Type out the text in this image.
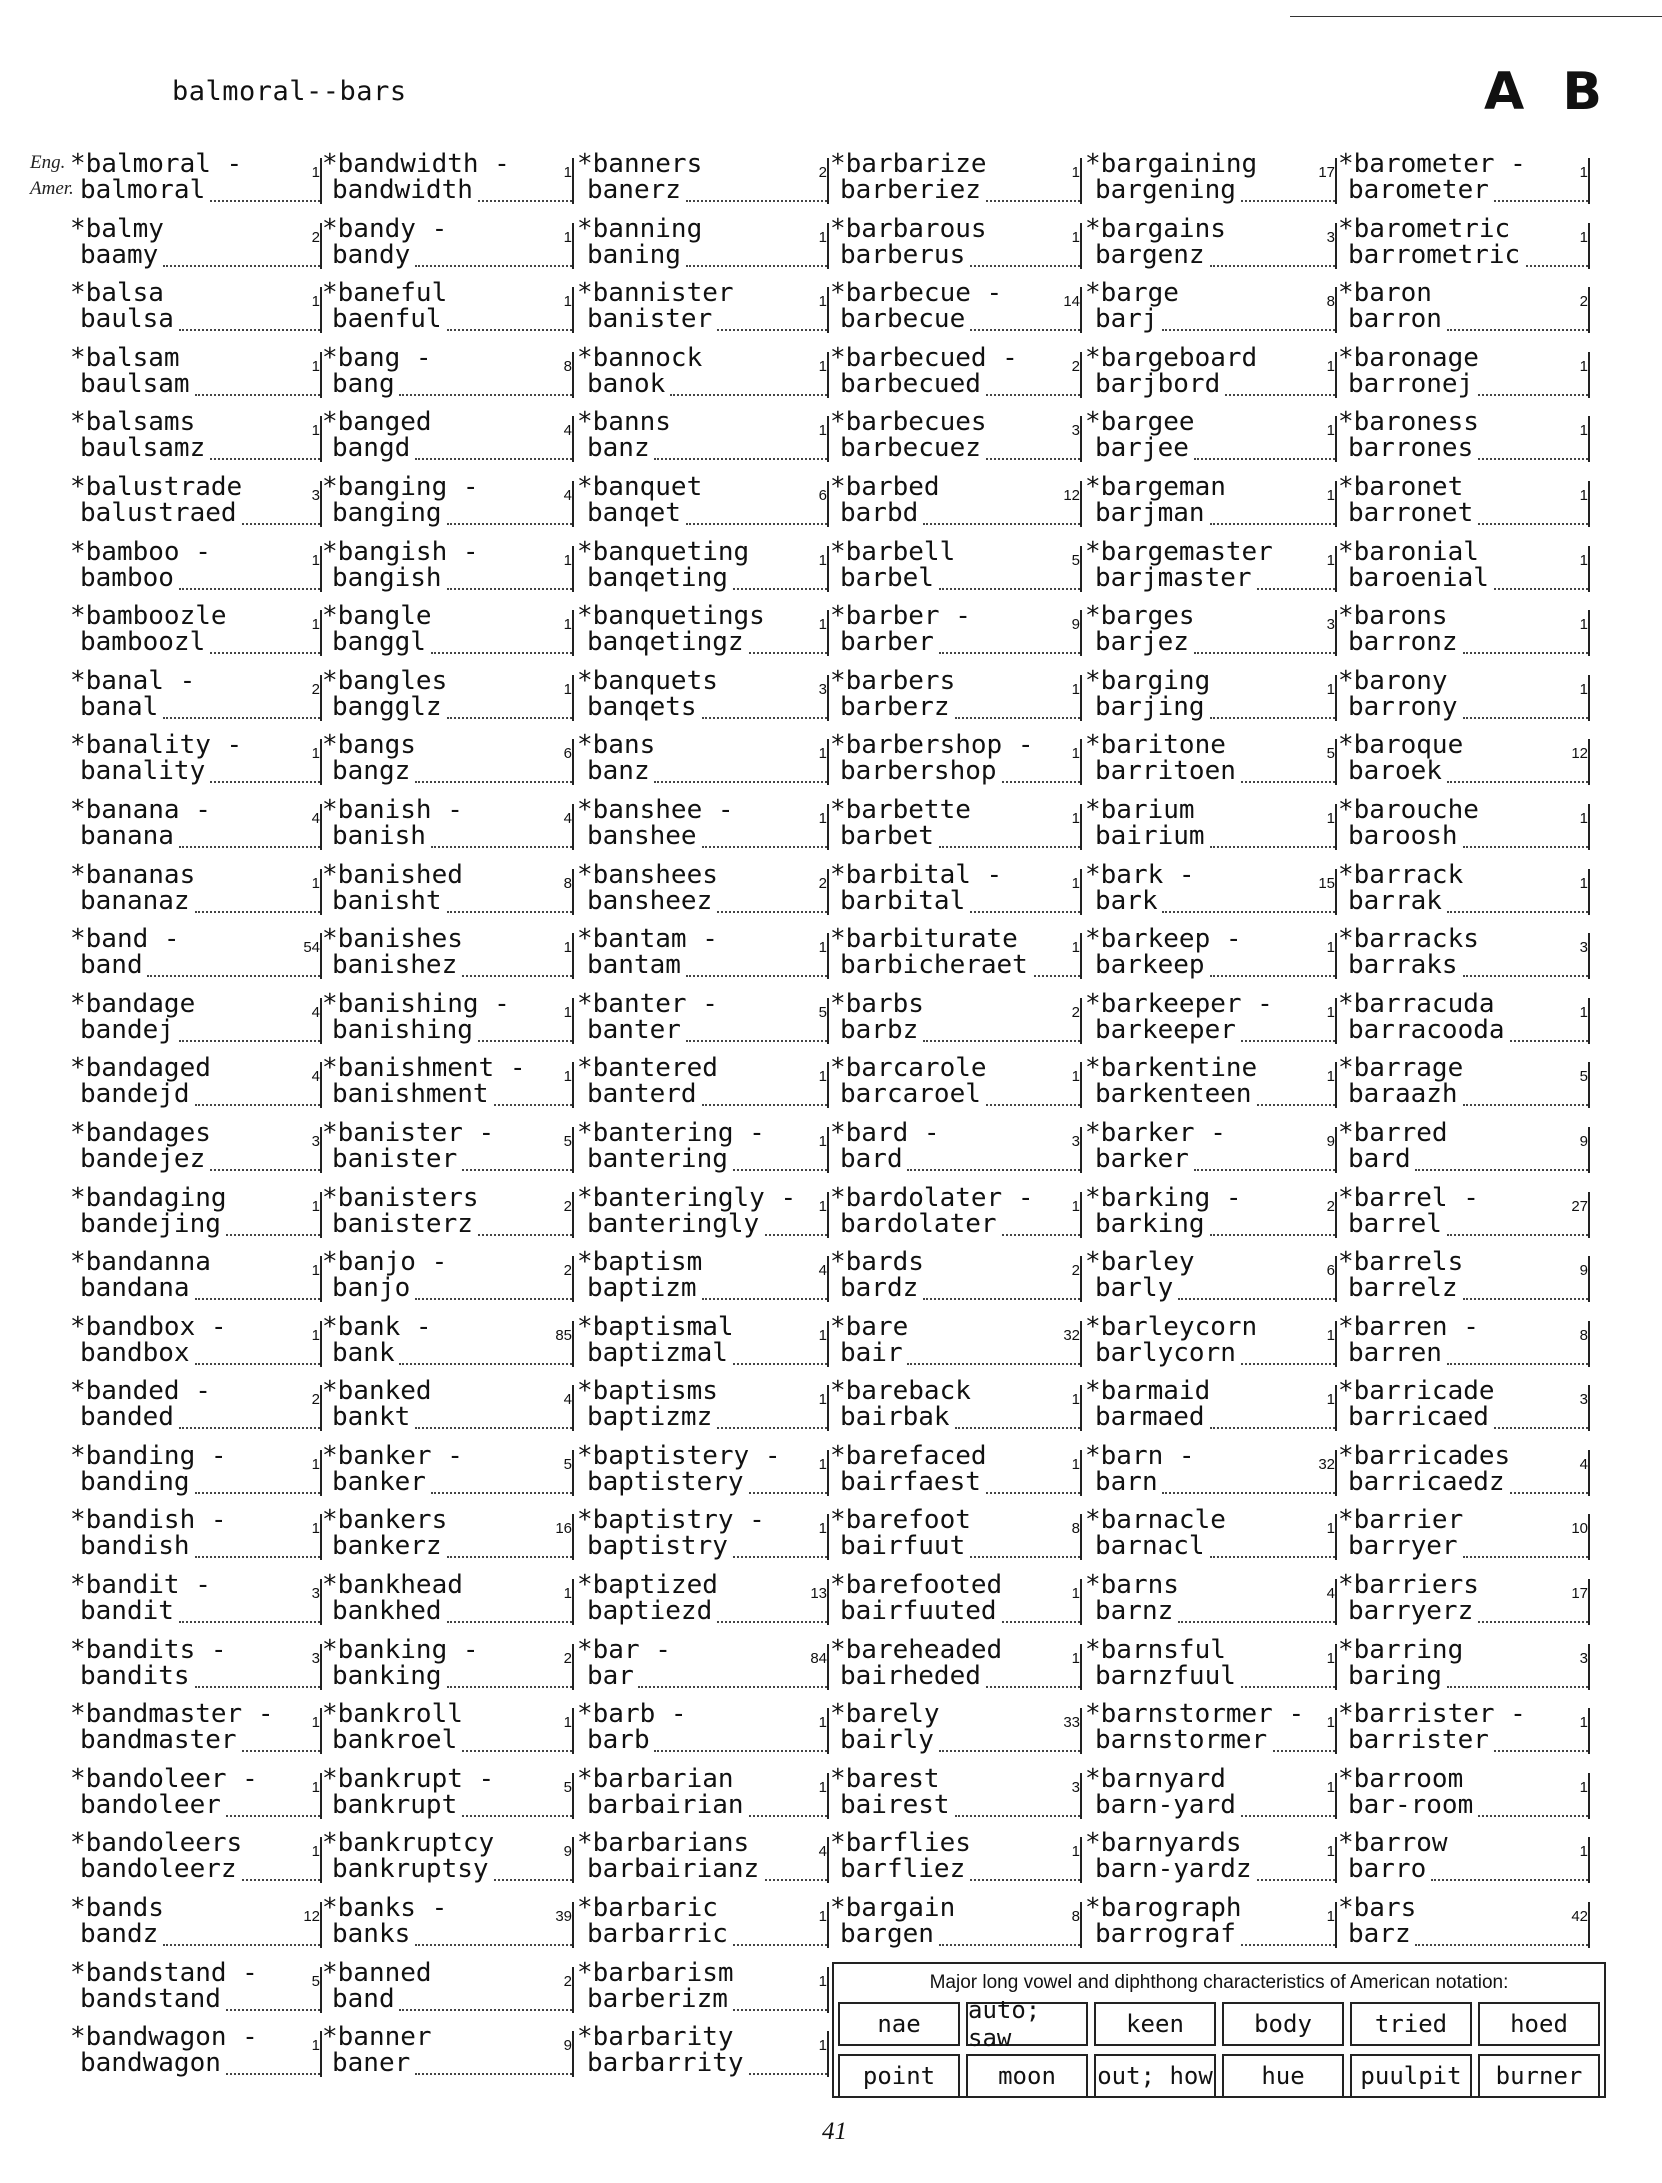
balmoral--bars	A B
Eng.
Amer.
*balmoral -
balmoral
1
*balmy
baamy
2
*balsa
baulsa
1
*balsam
baulsam
1
*balsams
baulsamz
1
*balustrade
balustraed
3
*bamboo -
bamboo
1
*bamboozle
bamboozl
1
*banal -
banal
2
*banality -
banality
1
*banana -
banana
4
*bananas
bananaz
1
*band -
band
54
*bandage
bandej
4
*bandaged
bandejd
4
*bandages
bandejez
3
*bandaging
bandejing
1
*bandanna
bandana
1
*bandbox -
bandbox
1
*banded -
banded
2
*banding -
banding
1
*bandish -
bandish
1
*bandit -
bandit
3
*bandits -
bandits
3
*bandmaster -
bandmaster
1
*bandoleer -
bandoleer
1
*bandoleers
bandoleerz
1
*bands
bandz
12
*bandstand -
bandstand
5
*bandwagon -
bandwagon
1
*bandwidth -
bandwidth
1
*bandy -
bandy
1
*baneful
baenful
1
*bang -
bang
8
*banged
bangd
4
*banging -
banging
4
*bangish -
bangish
1
*bangle
banggl
1
*bangles
bangglz
1
*bangs
bangz
6
*banish -
banish
4
*banished
banisht
8
*banishes
banishez
1
*banishing -
banishing
1
*banishment -
banishment
1
*banister -
banister
5
*banisters
banisterz
2
*banjo -
banjo
2
*bank -
bank
85
*banked
bankt
4
*banker -
banker
5
*bankers
bankerz
16
*bankhead
bankhed
1
*banking -
banking
2
*bankroll
bankroel
1
*bankrupt -
bankrupt
5
*bankruptcy
bankruptsy
9
*banks -
banks
39
*banned
band
2
*banner
baner
9
*banners
banerz
2
*banning
baning
1
*bannister
banister
1
*bannock
banok
1
*banns
banz
1
*banquet
banqet
6
*banqueting
banqeting
1
*banquetings
banqetingz
1
*banquets
banqets
3
*bans
banz
1
*banshee -
banshee
1
*banshees
bansheez
2
*bantam -
bantam
1
*banter -
banter
5
*bantered
banterd
1
*bantering -
bantering
1
*banteringly -
banteringly
1
*baptism
baptizm
4
*baptismal
baptizmal
1
*baptisms
baptizmz
1
*baptistery -
baptistery
1
*baptistry -
baptistry
1
*baptized
baptiezd
13
*bar -
bar
84
*barb -
barb
1
*barbarian
barbairian
1
*barbarians
barbairianz
4
*barbaric
barbarric
1
*barbarism
barberizm
1
*barbarity
barbarrity
1
*barbarize
barberiez
1
*barbarous
barberus
1
*barbecue -
barbecue
14
*barbecued -
barbecued
2
*barbecues
barbecuez
3
*barbed
barbd
12
*barbell
barbel
5
*barber -
barber
9
*barbers
barberz
1
*barbershop -
barbershop
1
*barbette
barbet
1
*barbital -
barbital
1
*barbiturate
barbicheraet
1
*barbs
barbz
2
*barcarole
barcaroel
1
*bard -
bard
3
*bardolater -
bardolater
1
*bards
bardz
2
*bare
bair
32
*bareback
bairbak
1
*barefaced
bairfaest
1
*barefoot
bairfuut
8
*barefooted
bairfuuted
1
*bareheaded
bairheded
1
*barely
bairly
33
*barest
bairest
3
*barflies
barfliez
1
*bargain
bargen
8
*bargaining
bargening
17
*bargains
bargenz
3
*barge
barj
8
*bargeboard
barjbord
1
*bargee
barjee
1
*bargeman
barjman
1
*bargemaster
barjmaster
1
*barges
barjez
3
*barging
barjing
1
*baritone
barritoen
5
*barium
bairium
1
*bark -
bark
15
*barkeep -
barkeep
1
*barkeeper -
barkeeper
1
*barkentine
barkenteen
1
*barker -
barker
9
*barking -
barking
2
*barley
barly
6
*barleycorn
barlycorn
1
*barmaid
barmaed
1
*barn -
barn
32
*barnacle
barnacl
1
*barns
barnz
4
*barnsful
barnzfuul
1
*barnstormer -
barnstormer
1
*barnyard
barn-yard
1
*barnyards
barn-yardz
1
*barograph
barrograf
1
*barometer -
barometer
1
*barometric
barrometric
1
*baron
barron
2
*baronage
barronej
1
*baroness
barrones
1
*baronet
barronet
1
*baronial
baroenial
1
*barons
barronz
1
*barony
barrony
1
*baroque
baroek
12
*barouche
baroosh
1
*barrack
barrak
1
*barracks
barraks
3
*barracuda
barracooda
1
*barrage
baraazh
5
*barred
bard
9
*barrel -
barrel
27
*barrels
barrelz
9
*barren -
barren
8
*barricade
barricaed
3
*barricades
barricaedz
4
*barrier
barryer
10
*barriers
barryerz
17
*barring
baring
3
*barrister -
barrister
1
*barroom
bar-room
1
*barrow
barro
1
*bars
barz
42
Major long vowel and diphthong characteristics of American notation:
nae	auto; saw	keen	body	tried	hoed
point	moon	out; how	hue	puulpit	burner
41
